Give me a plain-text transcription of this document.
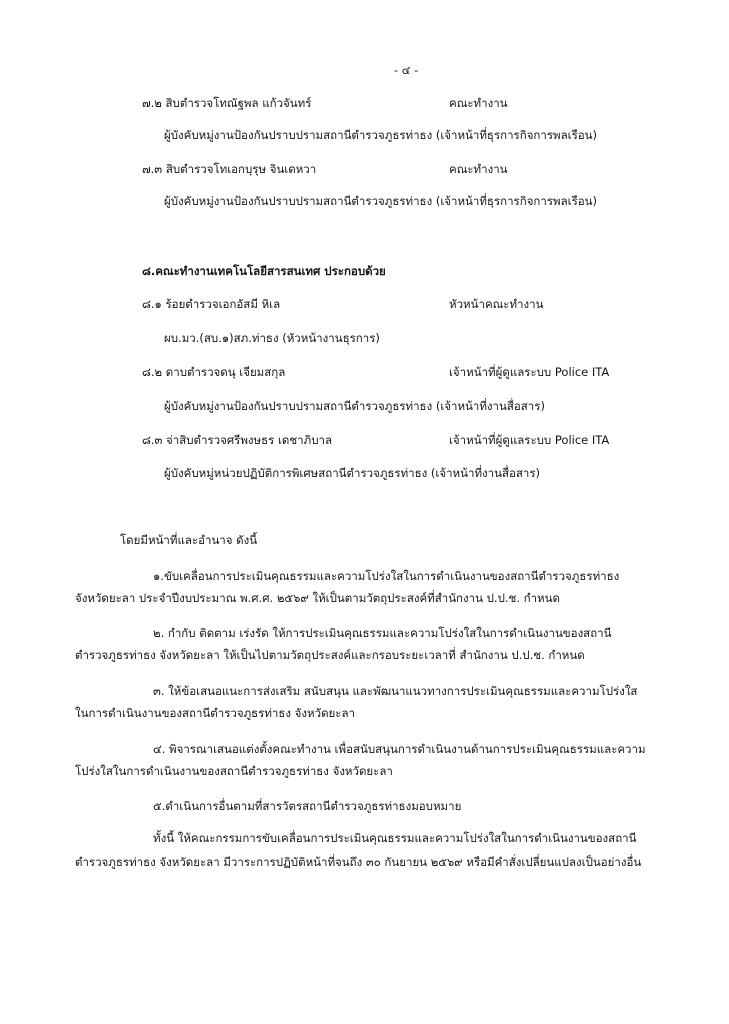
- ๔ -
๗.๒ สิบตำรวจโทณัฐพล แก้วจันทร์	คณะทำงาน
ผู้บังคับหมู่งานป้องกันปราบปรามสถานีตำรวจภูธรท่าธง (เจ้าหน้าที่ธุรการกิจการพลเรือน)
๗.๓ สิบตำรวจโทเอกบุรุษ จินเดหวา	คณะทำงาน
ผู้บังคับหมู่งานป้องกันปราบปรามสถานีตำรวจภูธรท่าธง (เจ้าหน้าที่ธุรการกิจการพลเรือน)
๘.คณะทำงานเทคโนโลยีสารสนเทศ ประกอบด้วย
๘.๑ ร้อยตำรวจเอกอัสมี หิเล	หัวหน้าคณะทำงาน
ผบ.มว.(สบ.๑)สภ.ท่าธง (หัวหน้างานธุรการ)
๘.๒ ดาบตำรวจดนุ เจียมสกุล	เจ้าหน้าที่ผู้ดูแลระบบ Police ITA
ผู้บังคับหมู่งานป้องกันปราบปรามสถานีตำรวจภูธรท่าธง (เจ้าหน้าที่งานสื่อสาร)
๘.๓ จ่าสิบตำรวจศรีพงษธร เดชาภิบาล	เจ้าหน้าที่ผู้ดูแลระบบ Police ITA
ผู้บังคับหมู่หน่วยปฏิบัติการพิเศษสถานีตำรวจภูธรท่าธง (เจ้าหน้าที่งานสื่อสาร)
โดยมีหน้าที่และอำนาจ ดังนี้
๑.ขับเคลื่อนการประเมินคุณธรรมและความโปร่งใสในการดำเนินงานของสถานีตำรวจภูธรท่าธง
จังหวัดยะลา ประจำปีงบประมาณ พ.ศ.ศ. ๒๕๖๙ ให้เป็นตามวัตถุประสงค์ที่สำนักงาน ป.ป.ช. กำหนด
๒. กำกับ ติดตาม เร่งรัด ให้การประเมินคุณธรรมและความโปร่งใสในการดำเนินงานของสถานี
ตำรวจภูธรท่าธง จังหวัดยะลา ให้เป็นไปตามวัตถุประสงค์และกรอบระยะเวลาที่ สำนักงาน ป.ป.ช. กำหนด
๓. ให้ข้อเสนอแนะการส่งเสริม สนับสนุน และพัฒนาแนวทางการประเมินคุณธรรมและความโปร่งใส
ในการดำเนินงานของสถานีตำรวจภูธรท่าธง จังหวัดยะลา
๔. พิจารณาเสนอแต่งตั้งคณะทำงาน เพื่อสนับสนุนการดำเนินงานด้านการประเมินคุณธรรมและความ
โปร่งใสในการดำเนินงานของสถานีตำรวจภูธรท่าธง จังหวัดยะลา
๕.ดำเนินการอื่นตามที่สารวัตรสถานีตำรวจภูธรท่าธงมอบหมาย
ทั้งนี้ ให้คณะกรรมการขับเคลื่อนการประเมินคุณธรรมและความโปร่งใสในการดำเนินงานของสถานี
ตำรวจภูธรท่าธง จังหวัดยะลา มีวาระการปฏิบัติหน้าที่จนถึง ๓๐ กันยายน ๒๕๖๙ หรือมีคำสั่งเปลี่ยนแปลงเป็นอย่างอื่น
